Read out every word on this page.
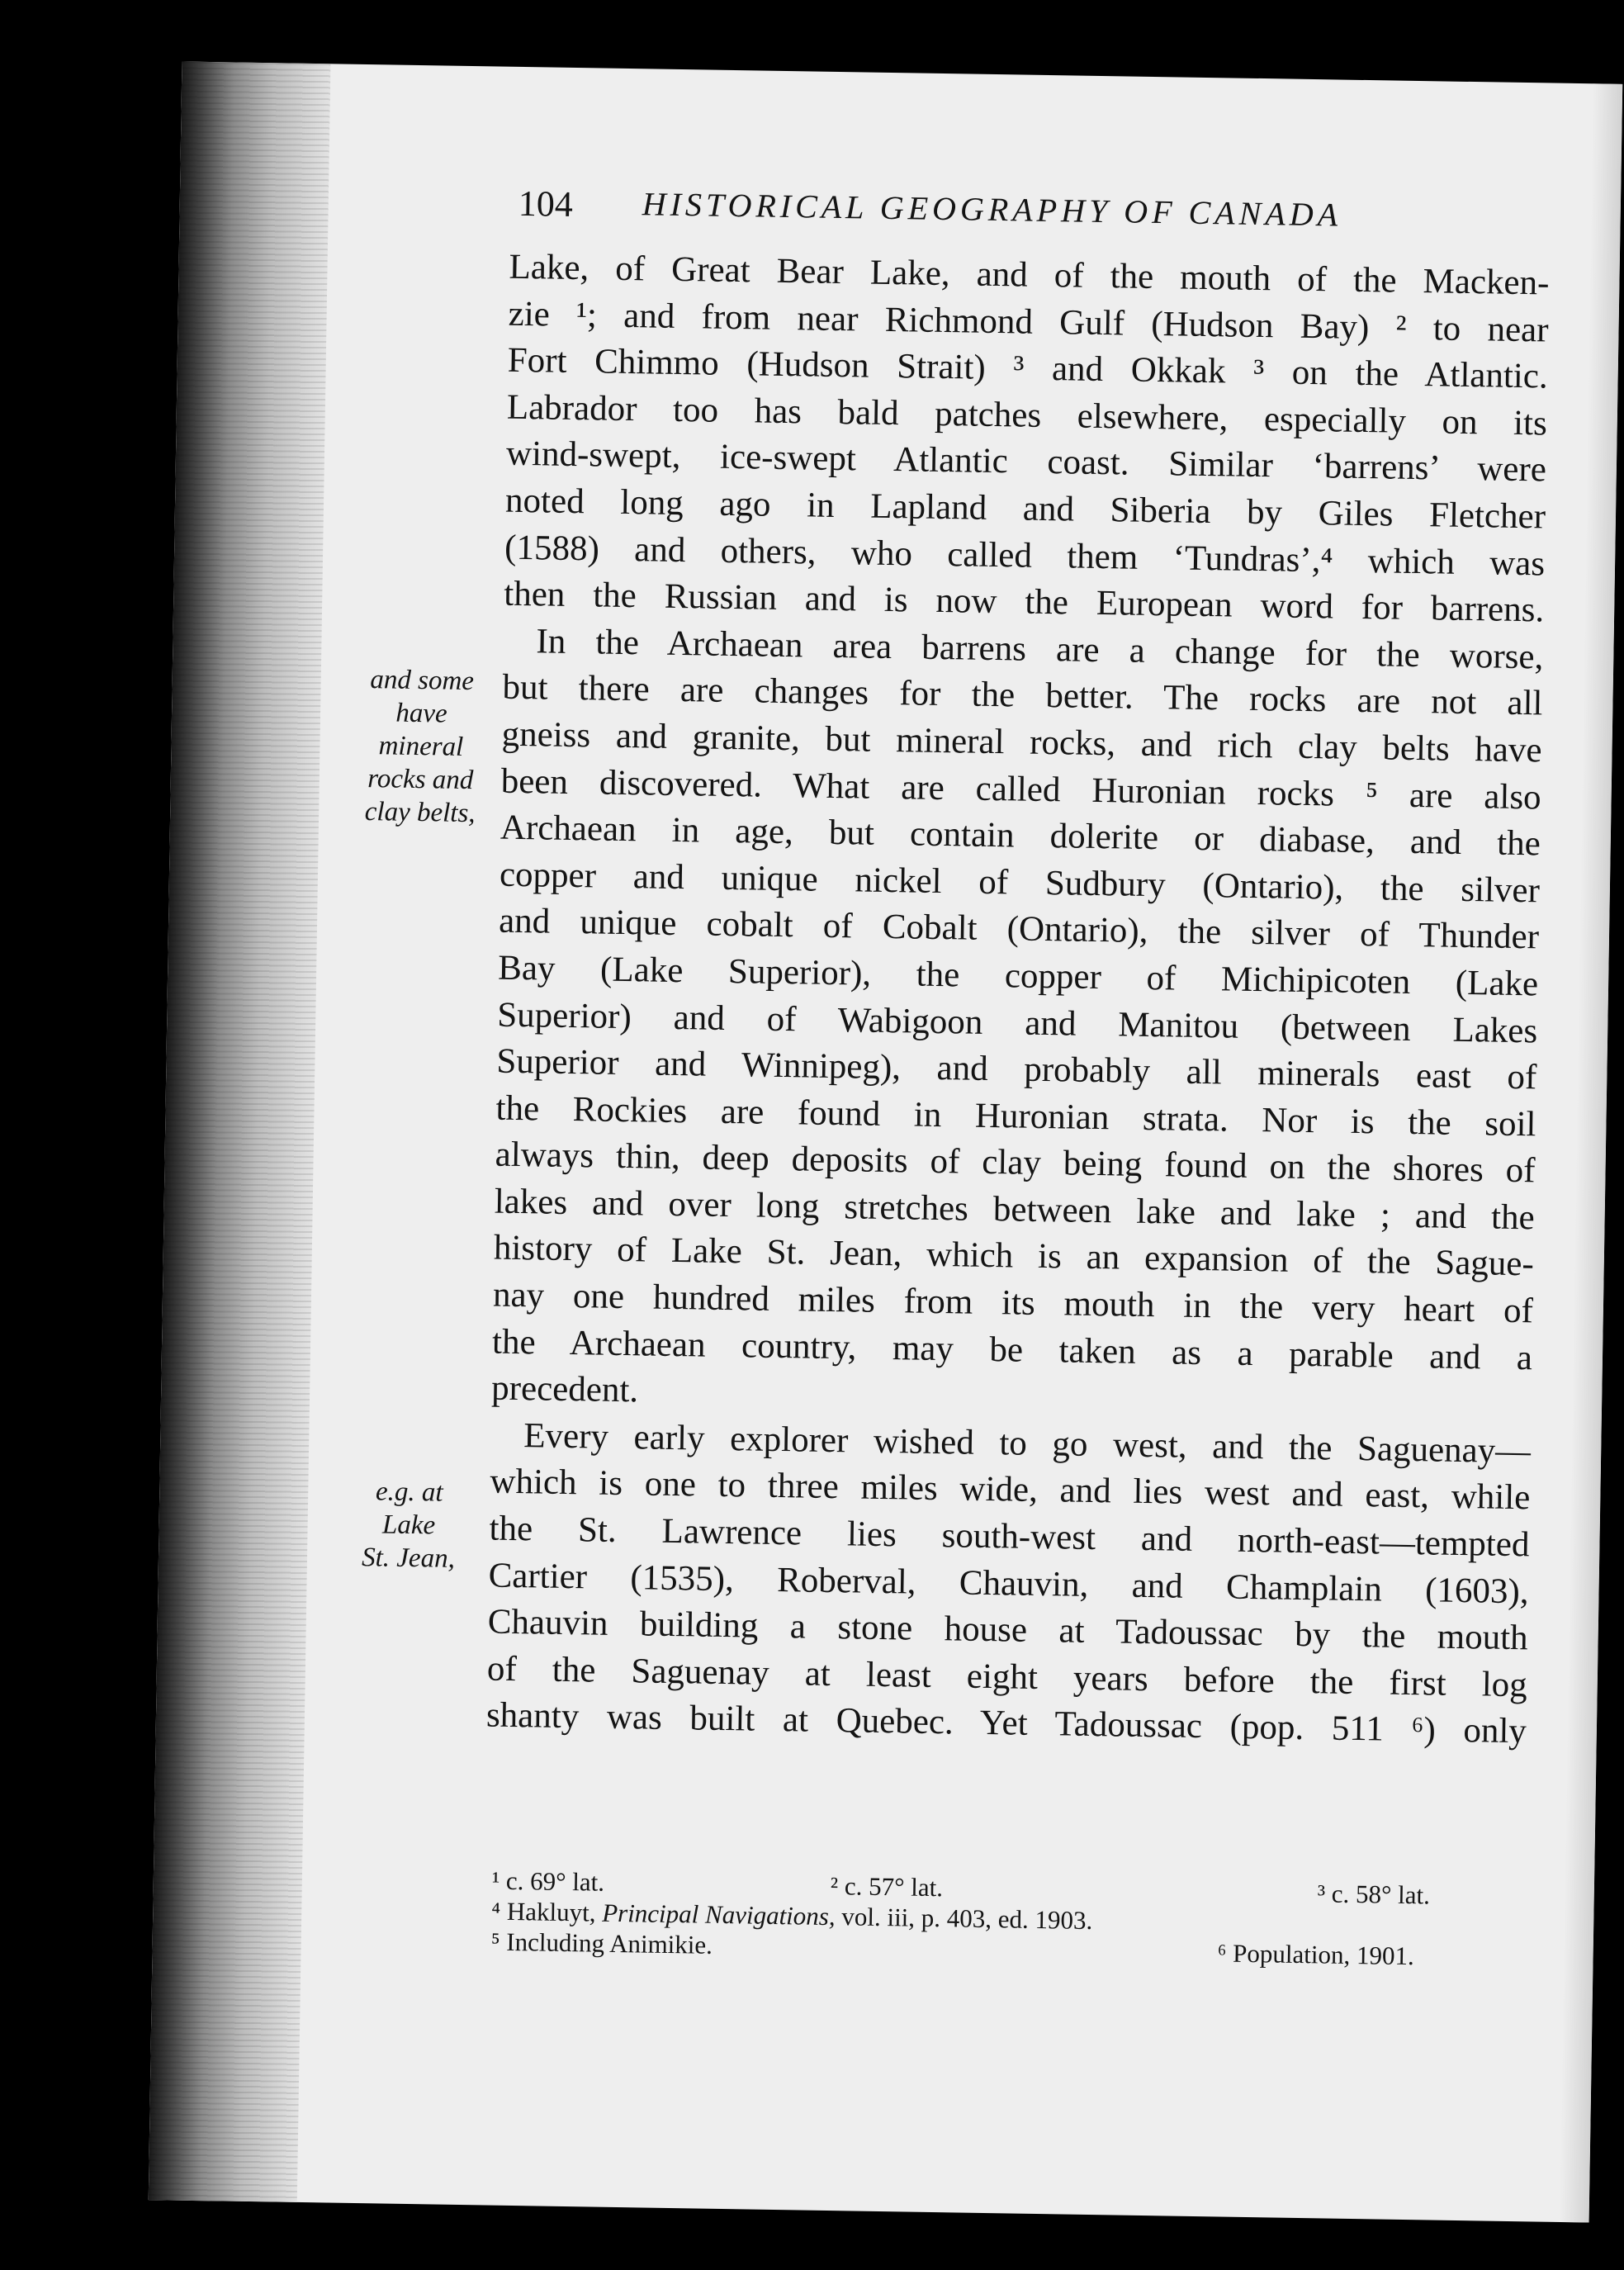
104 HISTORICAL GEOGRAPHY OF CANADA
Lake, of Great Bear Lake, and of the mouth of the Macken-
zie ¹; and from near Richmond Gulf (Hudson Bay) ² to near
Fort Chimmo (Hudson Strait) ³ and Okkak ³ on the Atlantic.
Labrador too has bald patches elsewhere, especially on its
wind-swept, ice-swept Atlantic coast. Similar ‘barrens’ were
noted long ago in Lapland and Siberia by Giles Fletcher
(1588) and others, who called them ‘Tundras’,⁴ which was
then the Russian and is now the European word for barrens.
In the Archaean area barrens are a change for the worse,
but there are changes for the better. The rocks are not all
gneiss and granite, but mineral rocks, and rich clay belts have
been discovered. What are called Huronian rocks ⁵ are also
Archaean in age, but contain dolerite or diabase, and the
copper and unique nickel of Sudbury (Ontario), the silver
and unique cobalt of Cobalt (Ontario), the silver of Thunder
Bay (Lake Superior), the copper of Michipicoten (Lake
Superior) and of Wabigoon and Manitou (between Lakes
Superior and Winnipeg), and probably all minerals east of
the Rockies are found in Huronian strata. Nor is the soil
always thin, deep deposits of clay being found on the shores of
lakes and over long stretches between lake and lake ; and the
history of Lake St. Jean, which is an expansion of the Sague-
nay one hundred miles from its mouth in the very heart of
the Archaean country, may be taken as a parable and a
precedent.
Every early explorer wished to go west, and the Saguenay—
which is one to three miles wide, and lies west and east, while
the St. Lawrence lies south-west and north-east—tempted
Cartier (1535), Roberval, Chauvin, and Champlain (1603),
Chauvin building a stone house at Tadoussac by the mouth
of the Saguenay at least eight years before the first log
shanty was built at Quebec. Yet Tadoussac (pop. 511 ⁶) only
and some
have
mineral
rocks and
clay belts,
e.g. at
Lake
St. Jean,
¹ c. 69° lat.	² c. 57° lat.	³ c. 58° lat.
⁴ Hakluyt, Principal Navigations, vol. iii, p. 403, ed. 1903.
⁵ Including Animikie.	⁶ Population, 1901.
